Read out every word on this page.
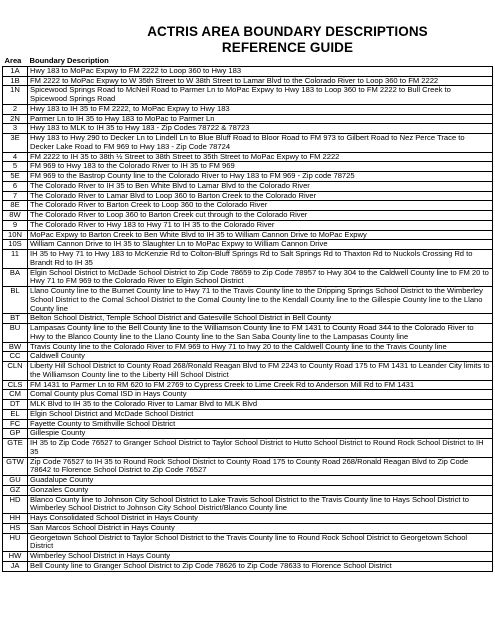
ACTRIS AREA BOUNDARY DESCRIPTIONS
REFERENCE GUIDE
Area	Boundary Description
1A	Hwy 183 to MoPac Expwy to FM 2222 to Loop 360 to Hwy 183
1B	FM 2222 to MoPac Expwy to W 35th Street to W 38th Street to Lamar Blvd to the Colorado River to Loop 360 to FM 2222
1N	Spicewood Springs Road to McNeil Road to Parmer Ln to MoPac Expwy to Hwy 183 to Loop 360 to FM 2222 to Bull Creek to Spicewood Springs Road
2	Hwy 183 to IH 35 to FM 2222, to MoPac Expwy to Hwy 183
2N	Parmer Ln to IH 35 to Hwy 183 to MoPac to Parmer Ln
3	Hwy 183 to MLK to IH 35 to Hwy 183 - Zip Codes 78722 & 78723
3E	Hwy 183 to Hwy 290 to Decker Ln to Lindell Ln to Blue Bluff Road to Bloor Road to FM 973 to Gilbert Road to Nez Perce Trace to Decker Lake Road to FM 969 to Hwy 183 - Zip Code 78724
4	FM 2222 to IH 35 to 38th ½ Street to 38th Street to 35th Street to MoPac Expwy to FM 2222
5	FM 969 to Hwy 183 to the Colorado River to IH 35 to FM 969
5E	FM 969 to the Bastrop County line to the Colorado River to Hwy 183 to FM 969 - Zip code 78725
6	The Colorado River to IH 35 to Ben White Blvd to Lamar Blvd to the Colorado River
7	The Colorado River to Lamar Blvd to Loop 360 to Barton Creek to the Colorado River
8E	The Colorado River to Barton Creek to Loop 360 to the Colorado River
8W	The Colorado River to Loop 360 to Barton Creek cut through to the Colorado River
9	The Colorado River to Hwy 183 to Hwy 71 to IH 35 to the Colorado River
10N	MoPac Expwy to Barton Creek to Ben White Blvd to IH 35 to William Cannon Drive to MoPac Expwy
10S	William Cannon Drive to IH 35 to Slaughter Ln to MoPac Expwy to William Cannon Drive
11	IH 35 to Hwy 71 to Hwy 183 to McKenzie Rd to Colton-Bluff Springs Rd to Salt Springs Rd to Thaxton Rd to Nuckols Crossing Rd to Brandt Rd to IH 35
BA	Elgin School District to McDade School District to Zip Code 78659 to Zip Code 78957 to Hwy 304 to the Caldwell County line to FM 20 to Hwy 71 to FM 969 to the Colorado River to Elgin School District
BL	Llano County line to the Burnet County line to Hwy 71 to the Travis County line to the Dripping Springs School District to the Wimberley School District to the Comal School District to the Comal County line to the Kendall County line to the Gillespie County line to the Llano County line
BT	Belton School District, Temple School District and Gatesville School District in Bell County
BU	Lampasas County line to the Bell County line to the Williamson County line to FM 1431 to County Road 344 to the Colorado River to Hwy to the Blanco County line to the Llano County line to the San Saba County line to the Lampasas County line
BW	Travis County line to the Colorado River to FM 969 to Hwy 71 to hwy 20 to the Caldwell County line to the Travis County line
CC	Caldwell County
CLN	Liberty Hill School District to County Road 268/Ronald Reagan Blvd to FM 2243 to County Road 175 to FM 1431 to Leander City limits to the Williamson County line to the Liberty Hill School District
CLS	FM 1431 to Parmer Ln to RM 620 to FM 2769 to Cypress Creek to Lime Creek Rd to Anderson Mill Rd to FM 1431
CM	Comal County plus Comal ISD in Hays County
DT	MLK Blvd to IH 35 to the Colorado River to Lamar Blvd to MLK Blvd
EL	Elgin School District and McDade School District
FC	Fayette County to Smithville School District
GP	Gillespie County
GTE	IH 35 to Zip Code 76527 to Granger School District to Taylor School District to Hutto School District to Round Rock School District to IH 35
GTW	Zip Code 76527 to IH 35 to Round Rock School District to County Road 175 to County Road 268/Ronald Reagan Blvd to Zip Code 78642 to Florence School District to Zip Code 76527
GU	Guadalupe County
GZ	Gonzales County
HD	Blanco County line to Johnson City School District to Lake Travis School District to the Travis County line to Hays School District to Wimberley School District to Johnson City School District/Blanco County line
HH	Hays Consolidated School District in Hays County
HS	San Marcos School District in Hays County
HU	Georgetown School District to Taylor School District to the Travis County line to Round Rock School District to Georgetown School District
HW	Wimberley School District in Hays County
JA	Bell County line to Granger School District to Zip Code 78626 to Zip Code 78633 to Florence School District
